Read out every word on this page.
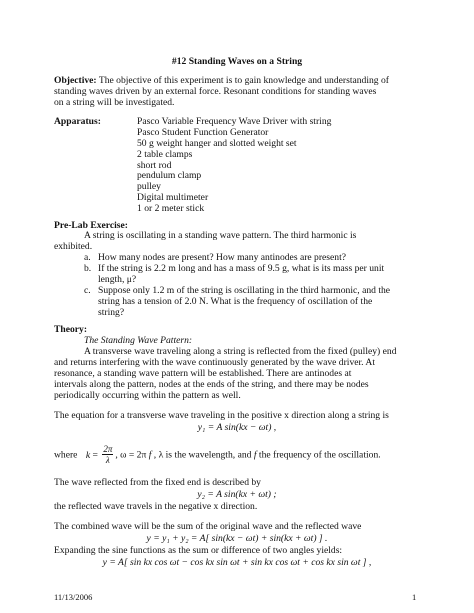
#12 Standing Waves on a String
Objective: The objective of this experiment is to gain knowledge and understanding of
standing waves driven by an external force. Resonant conditions for standing waves
on a string will be investigated.
Apparatus:	Pasco Variable Frequency Wave Driver with string
Pasco Student Function Generator
50 g weight hanger and slotted weight set
2 table clamps
short rod
pendulum clamp
pulley
Digital multimeter
1 or 2 meter stick
Pre-Lab Exercise:
A string is oscillating in a standing wave pattern. The third harmonic is
exhibited.
a. How many nodes are present? How many antinodes are present?
b. If the string is 2.2 m long and has a mass of 9.5 g, what is its mass per unit
length, μ?
c. Suppose only 1.2 m of the string is oscillating in the third harmonic, and the
string has a tension of 2.0 N. What is the frequency of oscillation of the
string?
Theory:
The Standing Wave Pattern:
A transverse wave traveling along a string is reflected from the fixed (pulley) end
and returns interfering with the wave continuously generated by the wave driver. At
resonance, a standing wave pattern will be established. There are antinodes at
intervals along the pattern, nodes at the ends of the string, and there may be nodes
periodically occurring within the pattern as well.
The equation for a transverse wave traveling in the positive x direction along a string is
y₁ = A sin(kx − ωt) ,
where $k = \frac{2\pi}{\lambda}$ , ω = 2π f , λ is the wavelength, and f the frequency of the oscillation.
The wave reflected from the fixed end is described by
y₂ = A sin(kx + ωt) ;
the reflected wave travels in the negative x direction.
The combined wave will be the sum of the original wave and the reflected wave
y = y₁ + y₂ = A[ sin(kx − ωt) + sin(kx + ωt) ] .
Expanding the sine functions as the sum or difference of two angles yields:
y = A[ sin kx cos ωt − cos kx sin ωt + sin kx cos ωt + cos kx sin ωt ] ,
11/13/2006	1
